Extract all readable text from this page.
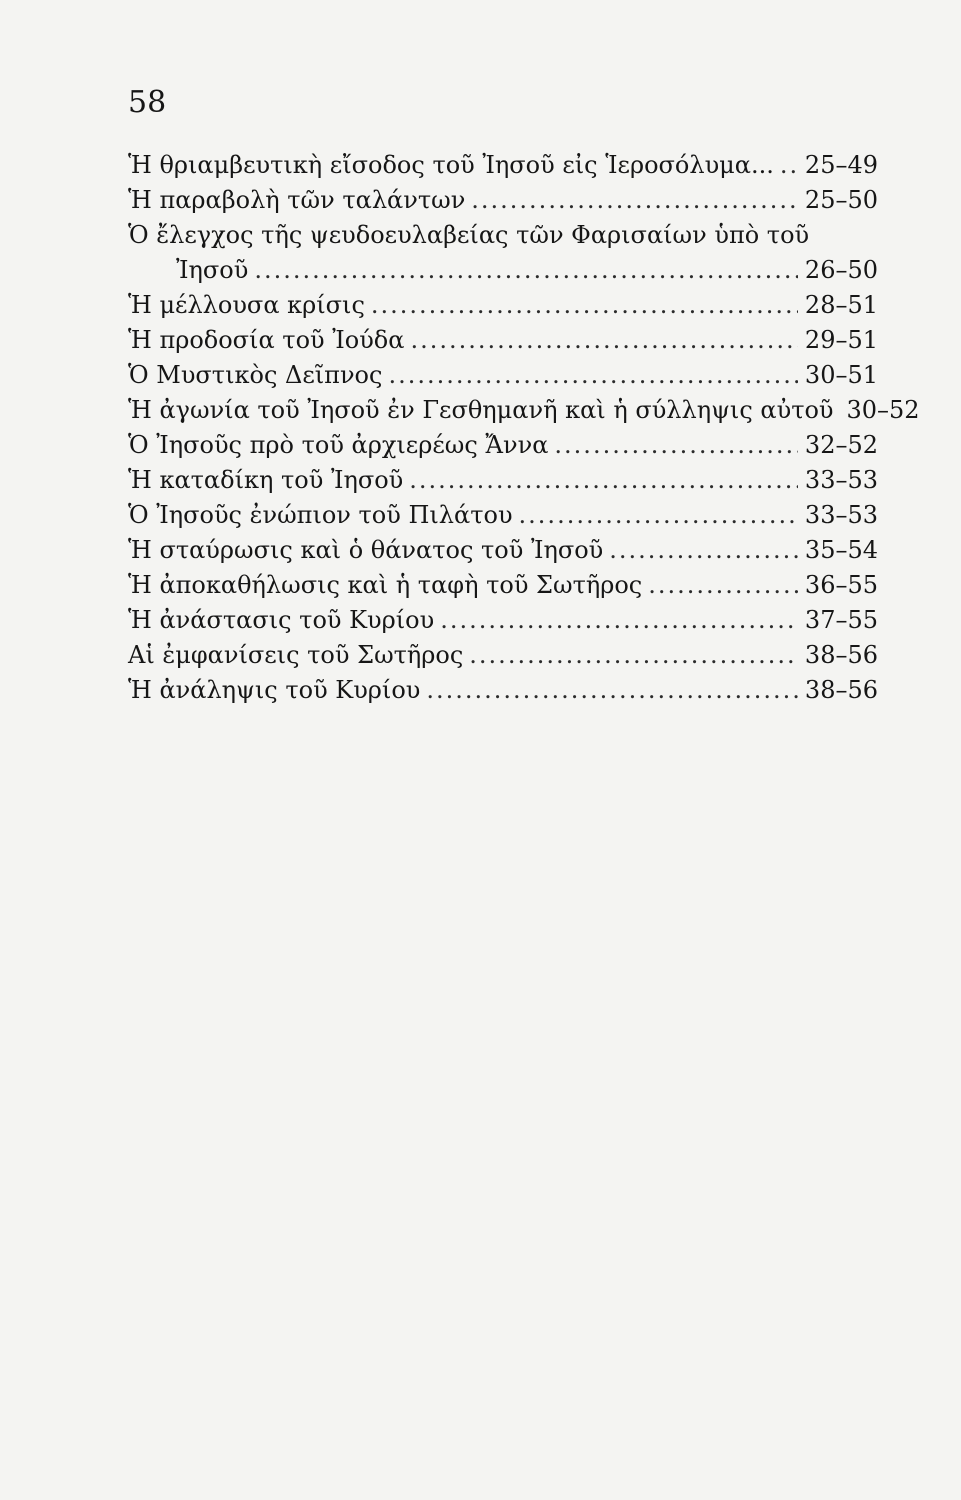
58
Ἡ θριαμβευτικὴ εἴσοδος τοῦ Ἰησοῦ εἰς Ἱεροσόλυμα... ..... 25–49
Ἡ παραβολὴ τῶν ταλάντων .....	25–50
Ὁ ἔλεγχος τῆς ψευδοευλαβείας τῶν Φαρισαίων ὑπὸ τοῦ
Ἰησοῦ .....	26–50
Ἡ μέλλουσα κρίσις .....	28–51
Ἡ προδοσία τοῦ Ἰούδα .....	29–51
Ὁ Μυστικὸς Δεῖπνος .....	30–51
Ἡ ἀγωνία τοῦ Ἰησοῦ ἐν Γεσθημανῆ καὶ ἡ σύλληψις αὐτοῦ 30–52
Ὁ Ἰησοῦς πρὸ τοῦ ἀρχιερέως Ἄννα .....	32–52
Ἡ καταδίκη τοῦ Ἰησοῦ .....	33–53
Ὁ Ἰησοῦς ἐνώπιον τοῦ Πιλάτου .....	33–53
Ἡ σταύρωσις καὶ ὁ θάνατος τοῦ Ἰησοῦ .....	35–54
Ἡ ἀποκαθήλωσις καὶ ἡ ταφὴ τοῦ Σωτῆρος .....	36–55
Ἡ ἀνάστασις τοῦ Κυρίου .....	37–55
Αἱ ἐμφανίσεις τοῦ Σωτῆρος .....	38–56
Ἡ ἀνάληψις τοῦ Κυρίου .....	38–56
